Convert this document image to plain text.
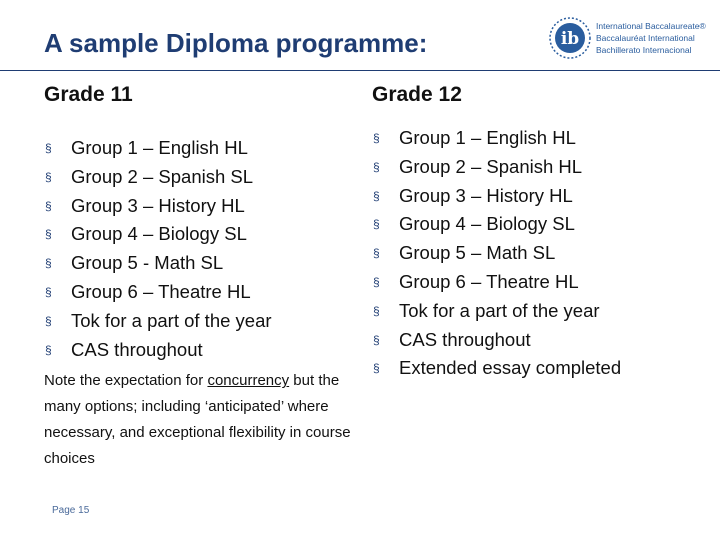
A sample Diploma programme:	ib
International Baccalaureate®
Baccalauréat International
Bachillerato Internacional
Grade 11
§ Group 1 – English HL
§ Group 2 – Spanish SL
§ Group 3 – History HL
§ Group 4 – Biology SL
§ Group 5 - Math SL
§ Group 6 – Theatre HL
§ Tok for a part of the year
§ CAS throughout
Note the expectation for concurrency but the many options; including ‘anticipated’ where necessary, and exceptional flexibility in course choices
Grade 12
§ Group 1 – English HL
§ Group 2 – Spanish HL
§ Group 3 – History HL
§ Group 4 – Biology SL
§ Group 5 – Math SL
§ Group 6 – Theatre HL
§ Tok for a part of the year
§ CAS throughout
§ Extended essay completed
Page 15
